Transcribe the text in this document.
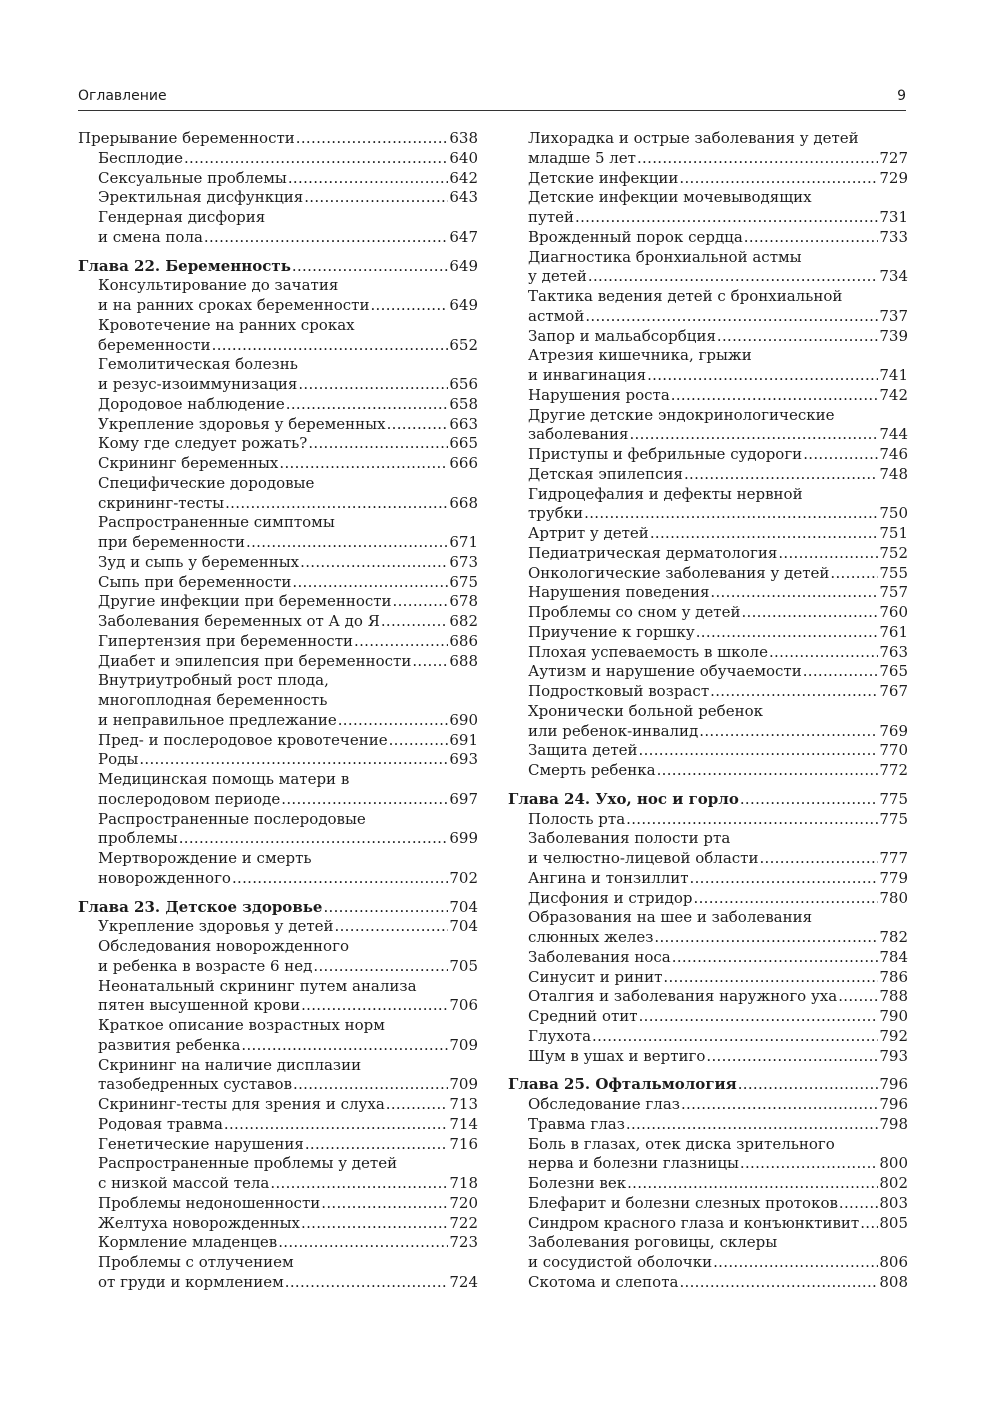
Оглавление	9
Прерывание беременности .....	638
Бесплодие .....	640
Сексуальные проблемы .....	642
Эректильная дисфункция .....	643
Гендерная дисфория
и смена пола .....	647
Глава 22. Беременность .....	649
Консультирование до зачатия
и на ранних сроках беременности .....	649
Кровотечение на ранних сроках
беременности .....	652
Гемолитическая болезнь
и резус-изоиммунизация .....	656
Дородовое наблюдение .....	658
Укрепление здоровья у беременных .....	663
Кому где следует рожать? .....	665
Скрининг беременных .....	666
Специфические дородовые
скрининг-тесты .....	668
Распространенные симптомы
при беременности .....	671
Зуд и сыпь у беременных .....	673
Сыпь при беременности .....	675
Другие инфекции при беременности .....	678
Заболевания беременных от А до Я .....	682
Гипертензия при беременности .....	686
Диабет и эпилепсия при беременности .....	688
Внутриутробный рост плода,
многоплодная беременность
и неправильное предлежание .....	690
Пред- и послеродовое кровотечение .....	691
Роды .....	693
Медицинская помощь матери в
послеродовом периоде .....	697
Распространенные послеродовые
проблемы .....	699
Мертворождение и смерть
новорожденного .....	702
Глава 23. Детское здоровье .....	704
Укрепление здоровья у детей .....	704
Обследования новорожденного
и ребенка в возрасте 6 нед .....	705
Неонатальный скрининг путем анализа
пятен высушенной крови .....	706
Краткое описание возрастных норм
развития ребенка .....	709
Скрининг на наличие дисплазии
тазобедренных суставов .....	709
Скрининг-тесты для зрения и слуха .....	713
Родовая травма .....	714
Генетические нарушения .....	716
Распространенные проблемы у детей
с низкой массой тела .....	718
Проблемы недоношенности .....	720
Желтуха новорожденных .....	722
Кормление младенцев .....	723
Проблемы с отлучением
от груди и кормлением .....	724
Лихорадка и острые заболевания у детей
младше 5 лет .....	727
Детские инфекции .....	729
Детские инфекции мочевыводящих
путей .....	731
Врожденный порок сердца .....	733
Диагностика бронхиальной астмы
у детей .....	734
Тактика ведения детей с бронхиальной
астмой .....	737
Запор и мальабсорбция .....	739
Атрезия кишечника, грыжи
и инвагинация .....	741
Нарушения роста .....	742
Другие детские эндокринологические
заболевания .....	744
Приступы и фебрильные судороги .....	746
Детская эпилепсия .....	748
Гидроцефалия и дефекты нервной
трубки .....	750
Артрит у детей .....	751
Педиатрическая дерматология .....	752
Онкологические заболевания у детей .....	755
Нарушения поведения .....	757
Проблемы со сном у детей .....	760
Приучение к горшку .....	761
Плохая успеваемость в школе .....	763
Аутизм и нарушение обучаемости .....	765
Подростковый возраст .....	767
Хронически больной ребенок
или ребенок-инвалид .....	769
Защита детей .....	770
Смерть ребенка .....	772
Глава 24. Ухо, нос и горло .....	775
Полость рта .....	775
Заболевания полости рта
и челюстно-лицевой области .....	777
Ангина и тонзиллит .....	779
Дисфония и стридор .....	780
Образования на шее и заболевания
слюнных желез .....	782
Заболевания носа .....	784
Синусит и ринит .....	786
Оталгия и заболевания наружного уха .....	788
Средний отит .....	790
Глухота .....	792
Шум в ушах и вертиго .....	793
Глава 25. Офтальмология .....	796
Обследование глаз .....	796
Травма глаз .....	798
Боль в глазах, отек диска зрительного
нерва и болезни глазницы .....	800
Болезни век .....	802
Блефарит и болезни слезных протоков .....	803
Синдром красного глаза и конъюнктивит ..... 805
Заболевания роговицы, склеры
и сосудистой оболочки .....	806
Скотома и слепота .....	808
